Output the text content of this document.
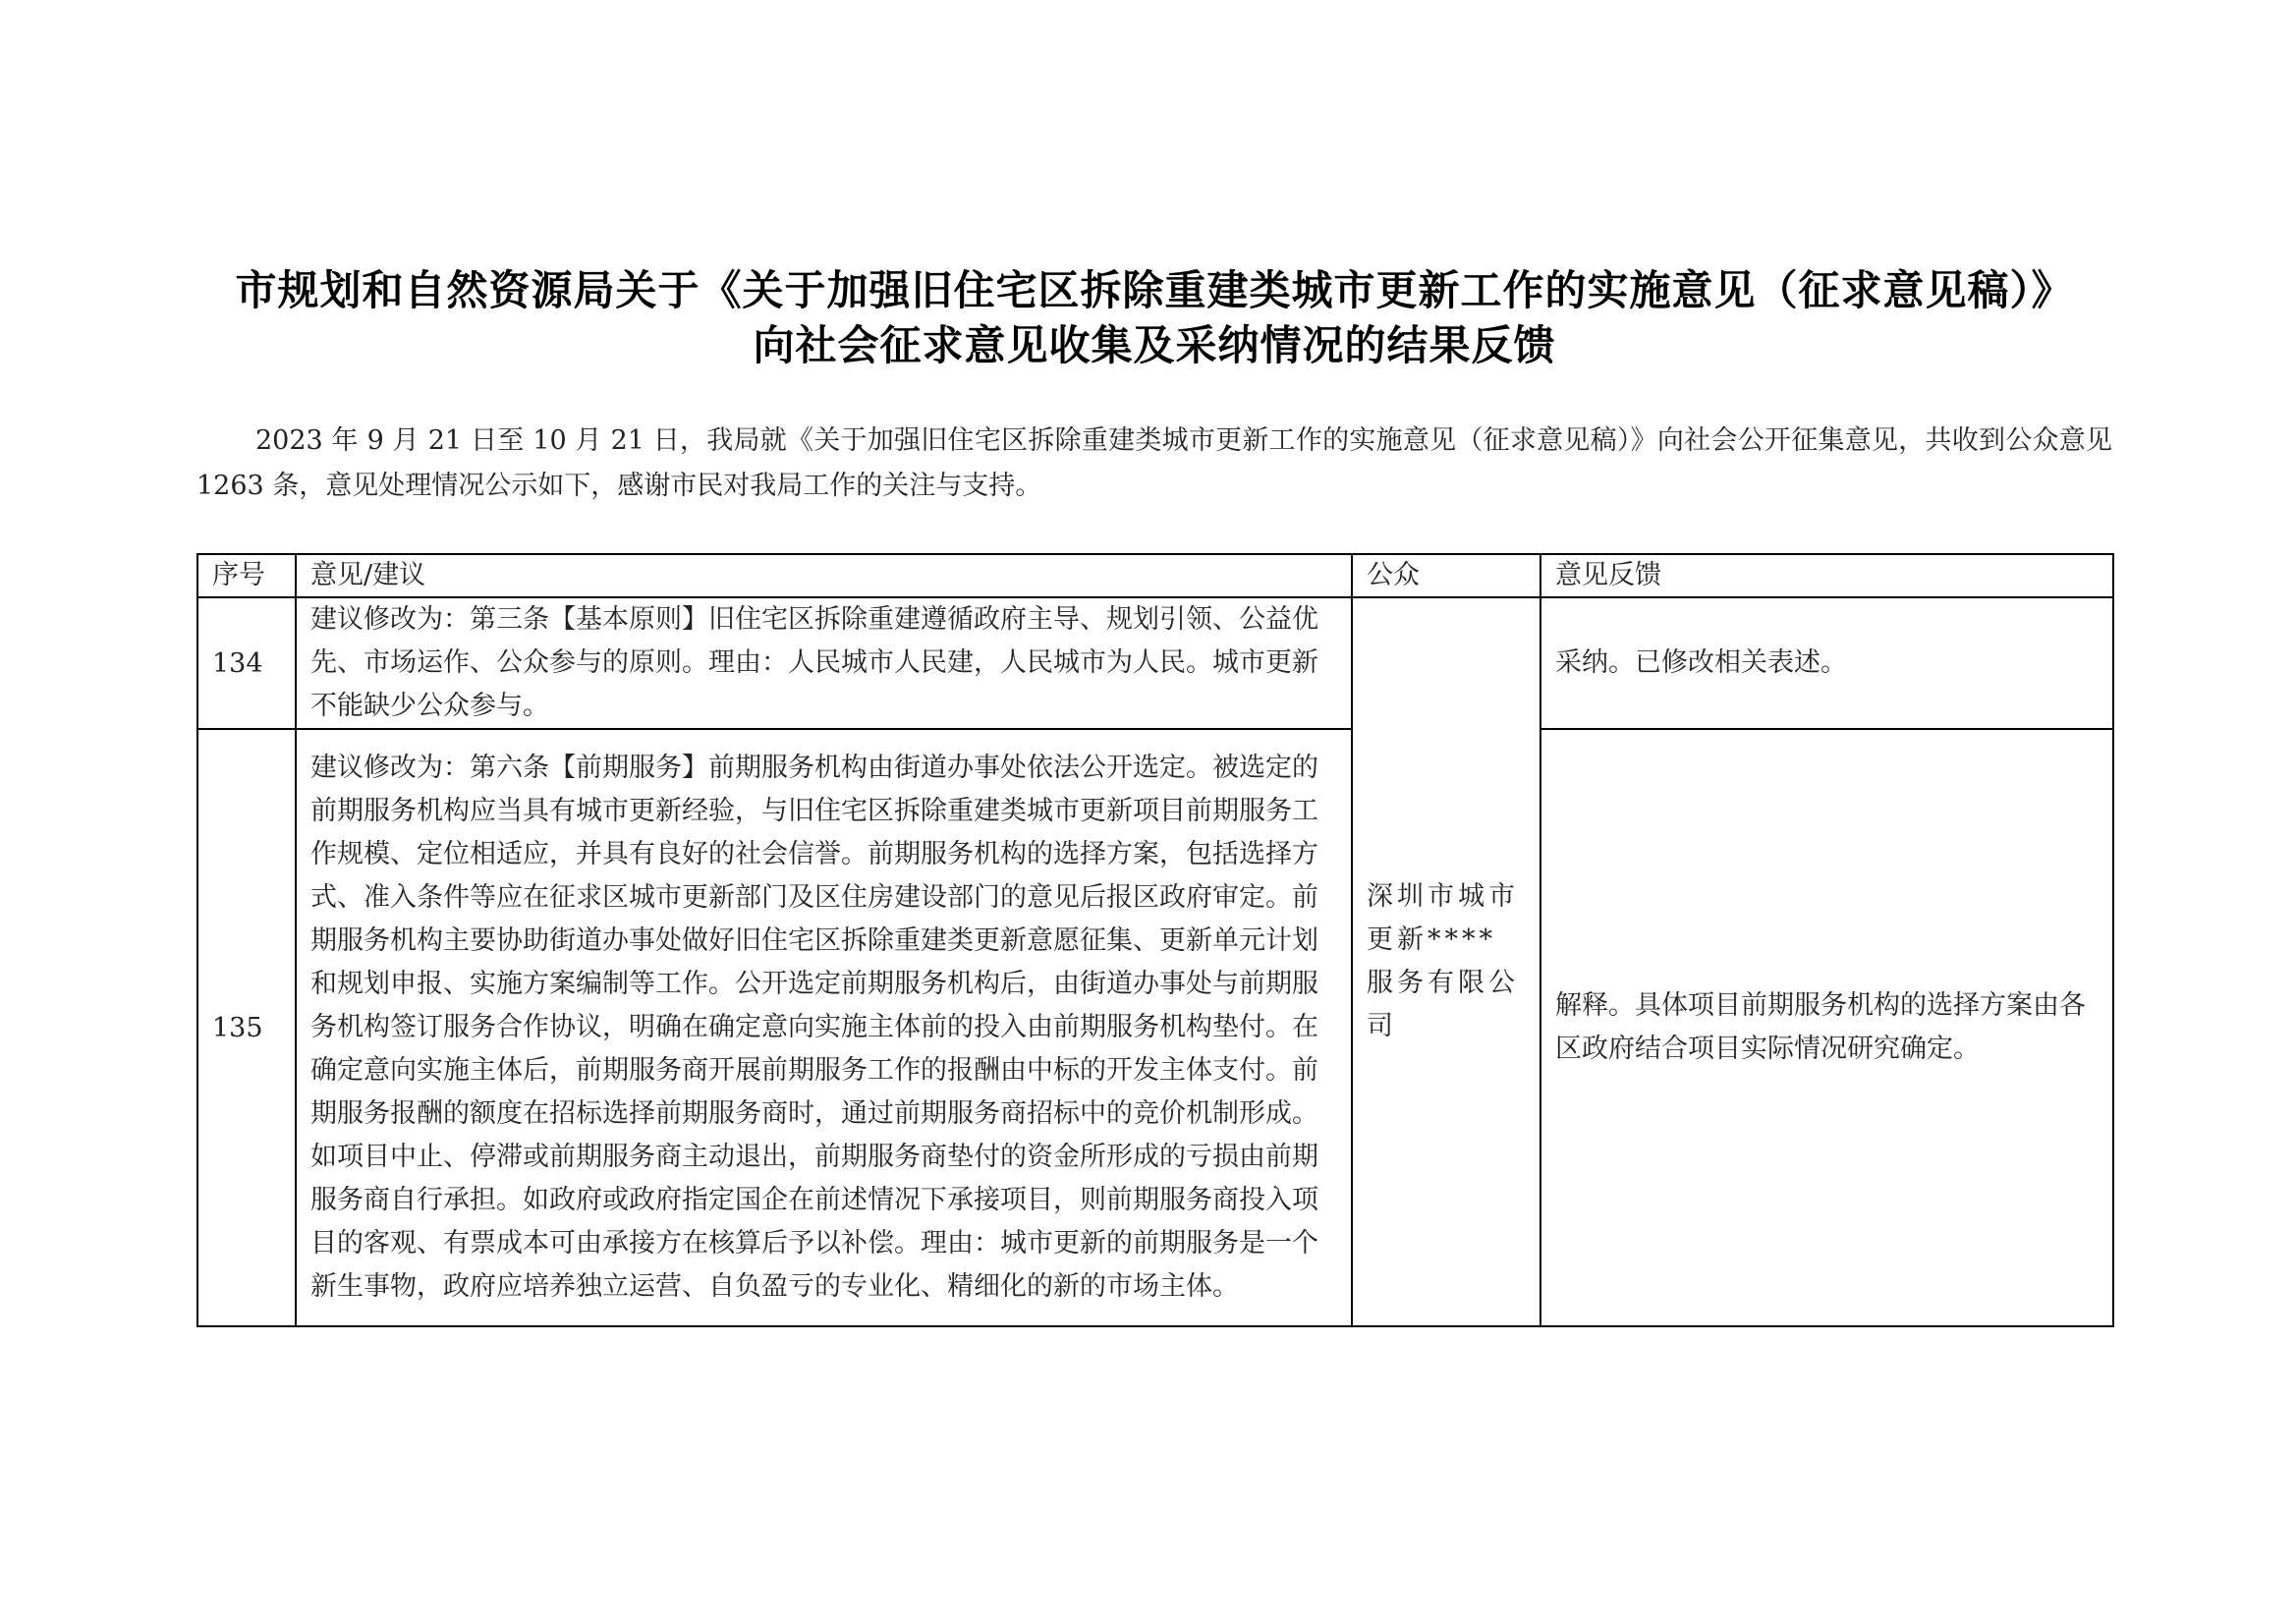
市规划和自然资源局关于《关于加强旧住宅区拆除重建类城市更新工作的实施意见（征求意见稿）》
向社会征求意见收集及采纳情况的结果反馈
2023 年 9 月 21 日至 10 月 21 日，我局就《关于加强旧住宅区拆除重建类城市更新工作的实施意见（征求意见稿）》向社会公开征集意见，共收到公众意见 1263 条，意见处理情况公示如下，感谢市民对我局工作的关注与支持。
序号	意见/建议	公众	意见反馈
134	建议修改为：第三条【基本原则】旧住宅区拆除重建遵循政府主导、规划引领、公益优先、市场运作、公众参与的原则。理由：人民城市人民建，人民城市为人民。城市更新不能缺少公众参与。	深圳市城市更新****服务有限公司	采纳。已修改相关表述。
135	建议修改为：第六条【前期服务】前期服务机构由街道办事处依法公开选定。被选定的前期服务机构应当具有城市更新经验，与旧住宅区拆除重建类城市更新项目前期服务工作规模、定位相适应，并具有良好的社会信誉。前期服务机构的选择方案，包括选择方式、准入条件等应在征求区城市更新部门及区住房建设部门的意见后报区政府审定。前期服务机构主要协助街道办事处做好旧住宅区拆除重建类更新意愿征集、更新单元计划和规划申报、实施方案编制等工作。公开选定前期服务机构后，由街道办事处与前期服务机构签订服务合作协议，明确在确定意向实施主体前的投入由前期服务机构垫付。在确定意向实施主体后，前期服务商开展前期服务工作的报酬由中标的开发主体支付。前期服务报酬的额度在招标选择前期服务商时，通过前期服务商招标中的竞价机制形成。如项目中止、停滞或前期服务商主动退出，前期服务商垫付的资金所形成的亏损由前期服务商自行承担。如政府或政府指定国企在前述情况下承接项目，则前期服务商投入项目的客观、有票成本可由承接方在核算后予以补偿。理由：城市更新的前期服务是一个新生事物，政府应培养独立运营、自负盈亏的专业化、精细化的新的市场主体。		解释。具体项目前期服务机构的选择方案由各区政府结合项目实际情况研究确定。
